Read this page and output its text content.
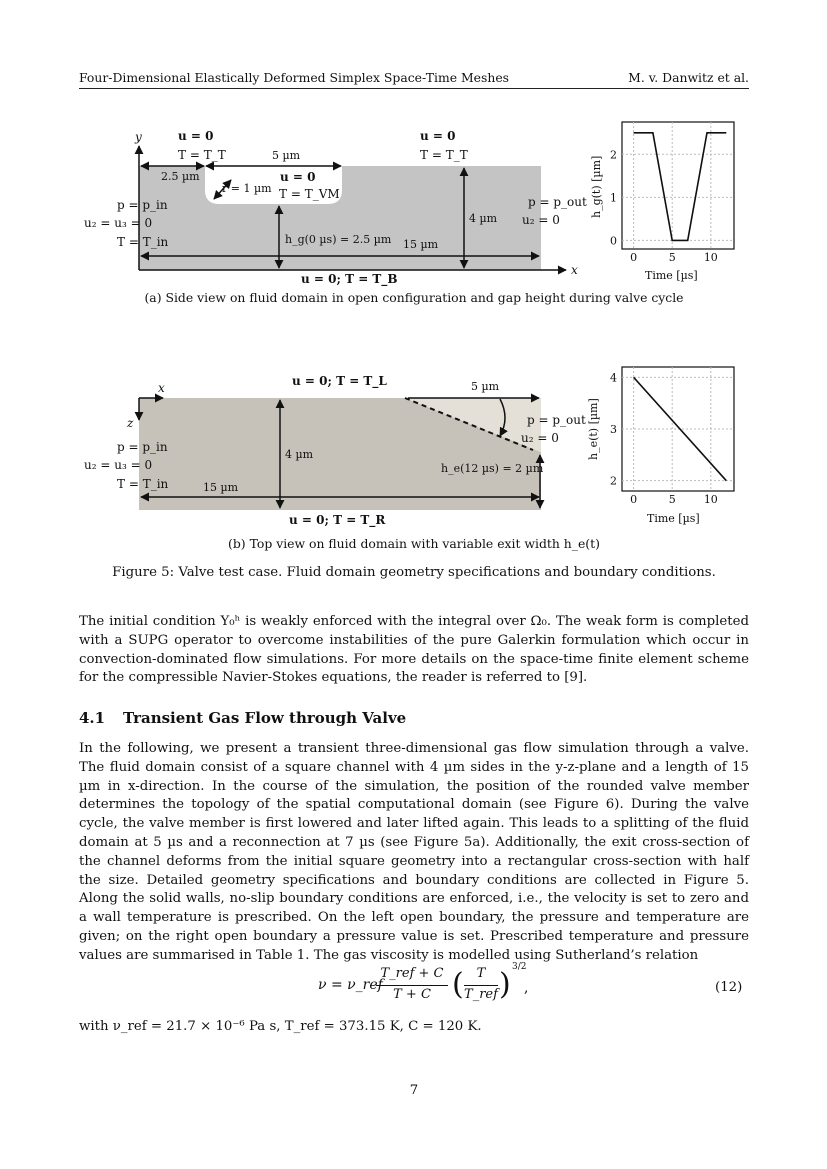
Four-Dimensional Elastically Deformed Simplex Space-Time Meshes	M. v. Danwitz et al.
y
x
u = 0
T = T_T
u = 0
T = T_T
5 µm
2.5 µm
r = 1 µm
u = 0
T = T_VM
p = p_in
u₂ = u₃ = 0
T = T_in
p = p_out
u₂ = 0
4 µm
h_g(0 µs) = 2.5 µm 15 µm
u = 0; T = T_B
0	5	10
0
1
2
Time [µs]
h_g(t) [µm]
(a) Side view on fluid domain in open configuration and gap height during valve cycle
x
z
u = 0; T = T_L	5 µm
p = p_out
u₂ = 0
p = p_in
u₂ = u₃ = 0
T = T_in
4 µm
h_e(12 µs) = 2 µm
15 µm
u = 0; T = T_R
0	5	10
2
3
4
Time [µs]
h_e(t) [µm]
(b) Top view on fluid domain with variable exit width h_e(t)
Figure 5: Valve test case. Fluid domain geometry specifications and boundary conditions.
The initial condition Y₀ʰ is weakly enforced with the integral over Ω₀. The weak form is completed with a SUPG operator to overcome instabilities of the pure Galerkin formulation which occur in convection-dominated flow simulations. For more details on the space-time finite element scheme for the compressible Navier-Stokes equations, the reader is referred to [9].
4.1 Transient Gas Flow through Valve
In the following, we present a transient three-dimensional gas flow simulation through a valve. The fluid domain consist of a square channel with 4 µm sides in the y-z-plane and a length of 15 µm in x-direction. In the course of the simulation, the position of the rounded valve member determines the topology of the spatial computational domain (see Figure 6). During the valve cycle, the valve member is first lowered and later lifted again. This leads to a splitting of the fluid domain at 5 µs and a reconnection at 7 µs (see Figure 5a). Additionally, the exit cross-section of the channel deforms from the initial square geometry into a rectangular cross-section with half the size. Detailed geometry specifications and boundary conditions are collected in Figure 5. Along the solid walls, no-slip boundary conditions are enforced, i.e., the velocity is set to zero and a wall temperature is prescribed. On the left open boundary, the pressure and temperature are given; on the right open boundary a pressure value is set. Prescribed temperature and pressure values are summarised in Table 1. The gas viscosity is modelled using Sutherland’s relation
ν = ν_ref
T_ref + C
T + C ( T
T_ref ) 3/2
,	(12)
with ν_ref = 21.7 × 10⁻⁶ Pa s, T_ref = 373.15 K, C = 120 K.
7
